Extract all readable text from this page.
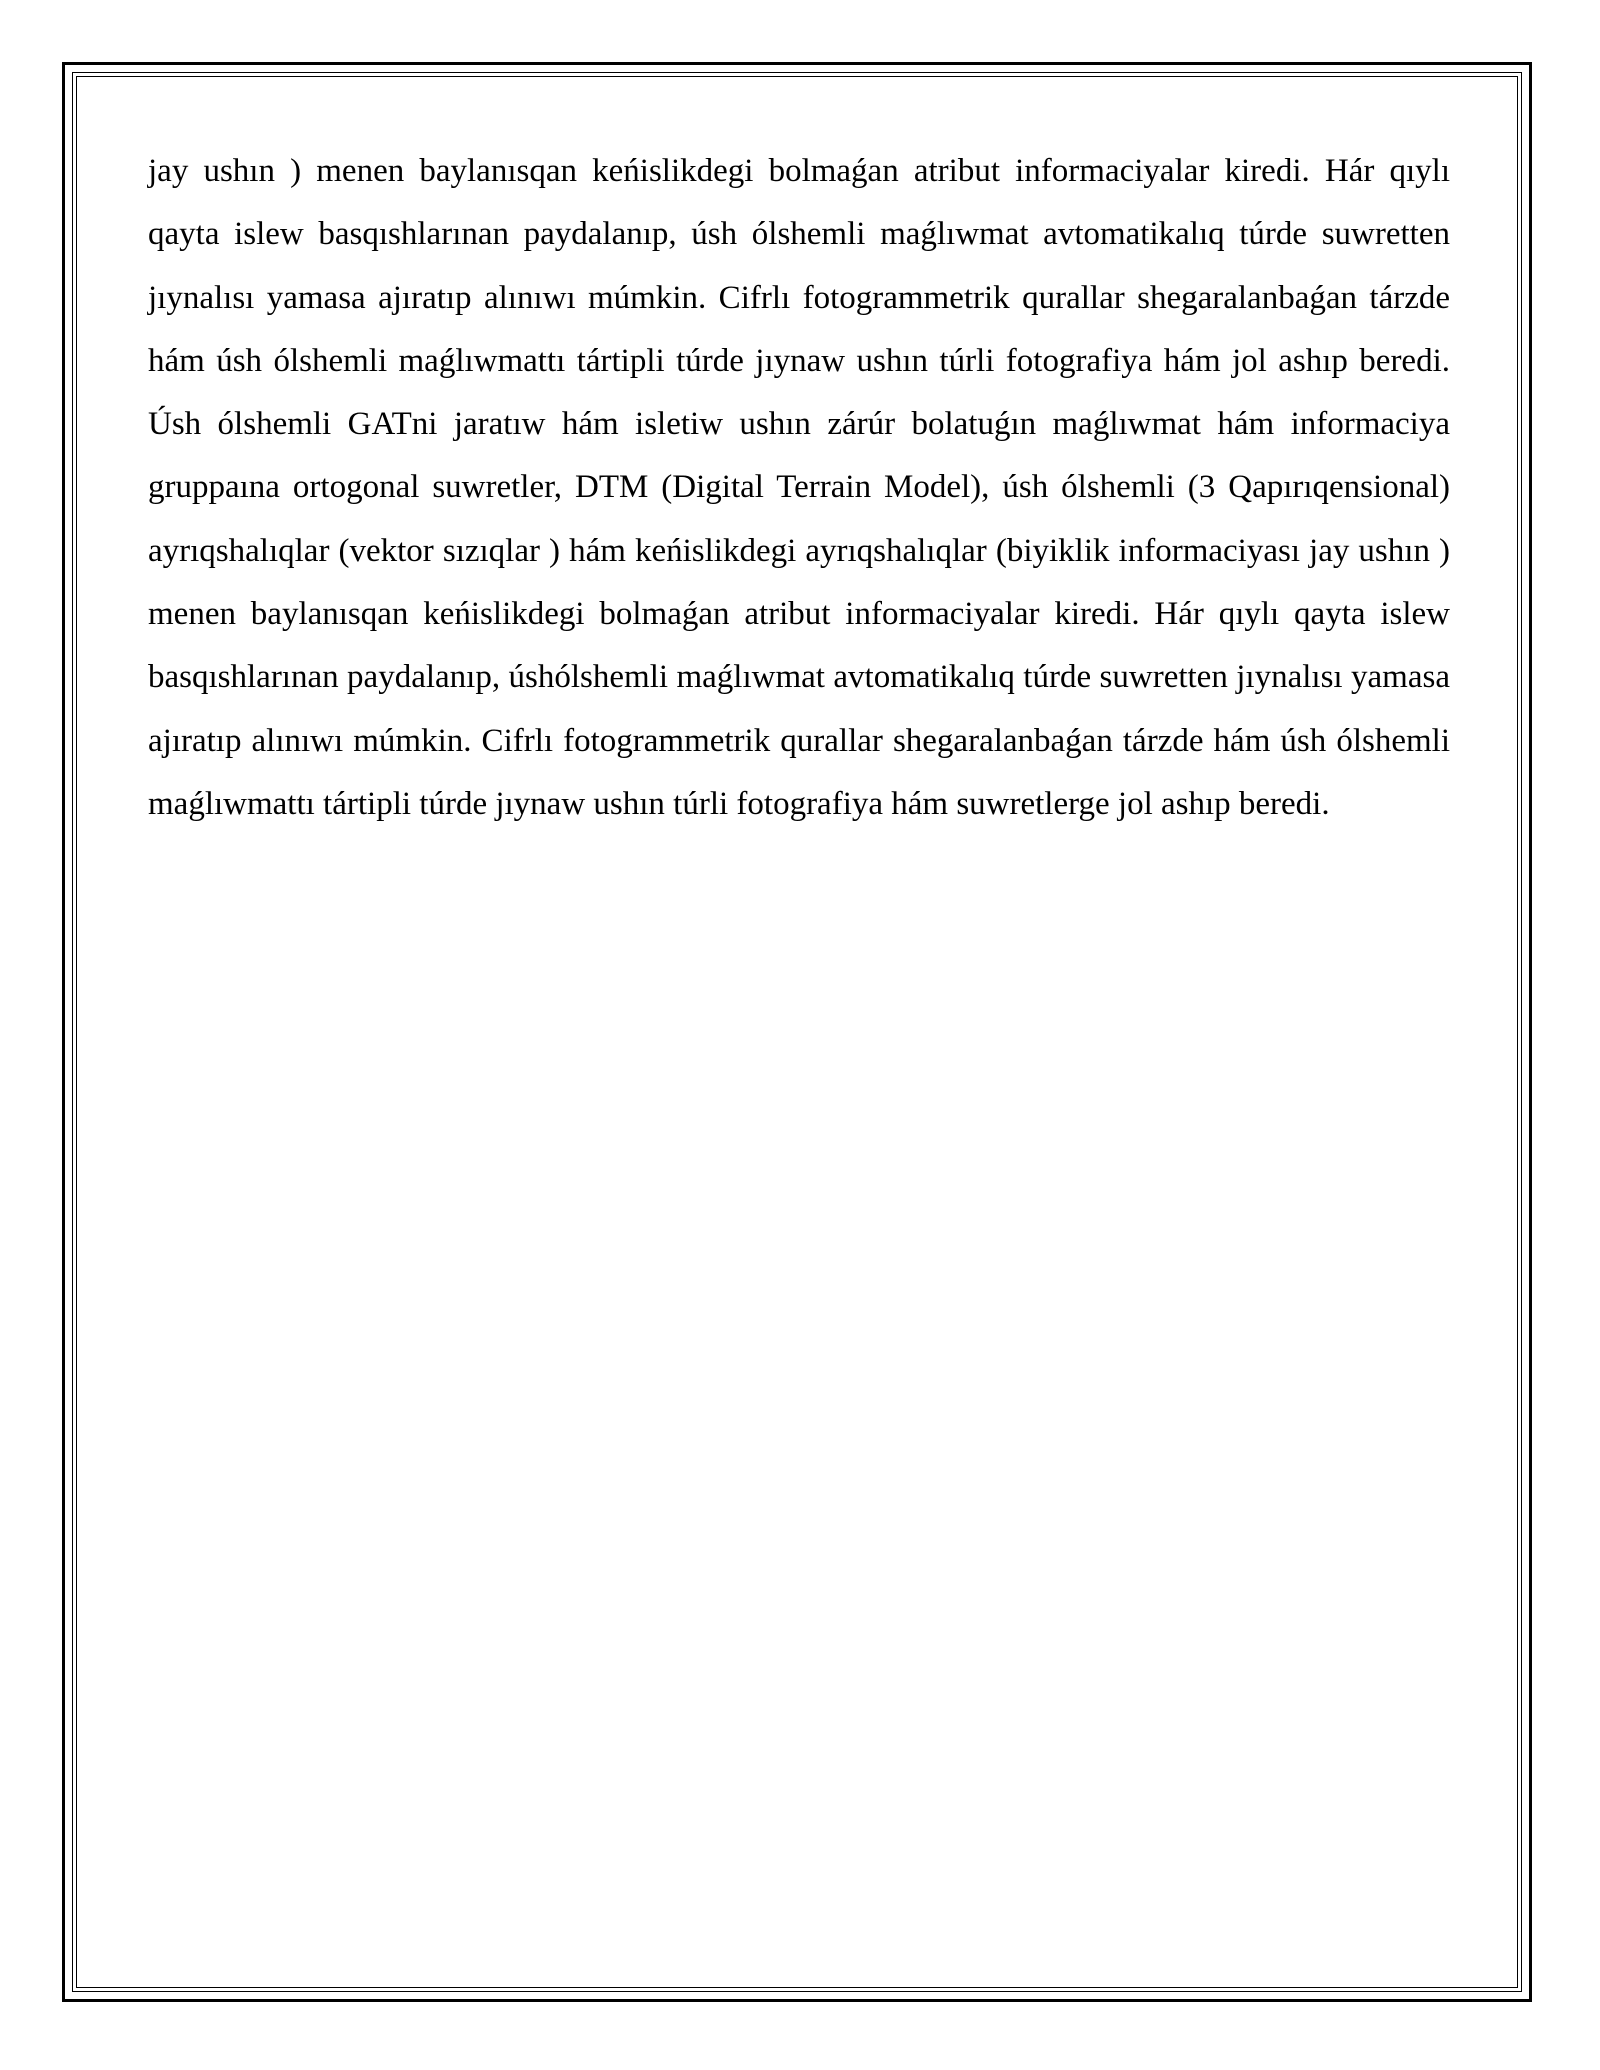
jay ushın ) menen baylanısqan keńislikdegi bolmaǵan atribut informaciyalar kiredi. Hár qıylı qayta islew basqıshlarınan paydalanıp, úsh ólshemli maǵlıwmat avtomatikalıq túrde suwretten jıynalısı yamasa ajıratıp alınıwı múmkin. Cifrlı fotogrammetrik qurallar shegaralanbaǵan tárzde hám úsh ólshemli maǵlıwmattı tártipli túrde jıynaw ushın túrli fotografiya hám jol ashıp beredi. Úsh ólshemli GATni jaratıw hám isletiw ushın zárúr bolatuǵın maǵlıwmat hám informaciya gruppaına ortogonal suwretler, DTM (Digital Terrain Model), úsh ólshemli (3 Qapırıqensional) ayrıqshalıqlar (vektor sızıqlar ) hám keńislikdegi ayrıqshalıqlar (biyiklik informaciyası jay ushın ) menen baylanısqan keńislikdegi bolmaǵan atribut informaciyalar kiredi. Hár qıylı qayta islew basqıshlarınan paydalanıp, úshólshemli maǵlıwmat avtomatikalıq túrde suwretten jıynalısı yamasa ajıratıp alınıwı múmkin. Cifrlı fotogrammetrik qurallar shegaralanbaǵan tárzde hám úsh ólshemli maǵlıwmattı tártipli túrde jıynaw ushın túrli fotografiya hám suwretlerge jol ashıp beredi.
